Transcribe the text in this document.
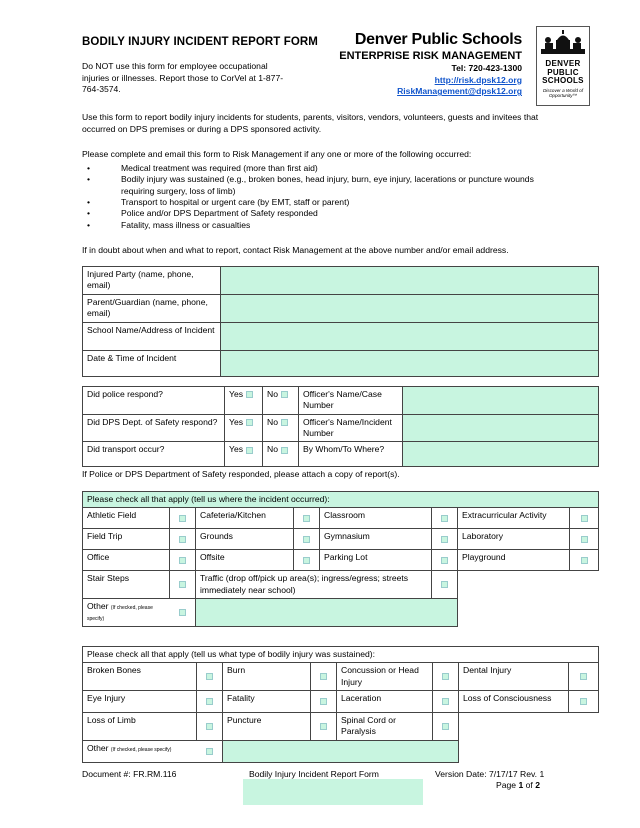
BODILY INJURY INCIDENT REPORT FORM
Do NOT use this form for employee occupational injuries or illnesses. Report those to CorVel at 1-877-764-3574.
Denver Public Schools
ENTERPRISE RISK MANAGEMENT
Tel: 720-423-1300
http://risk.dpsk12.org
RiskManagement@dpsk12.org
DENVER
PUBLIC
SCHOOLS
Discover a World of Opportunity™
Use this form to report bodily injury incidents for students, parents, visitors, vendors, volunteers, guests and invitees that occurred on DPS premises or during a DPS sponsored activity.
Please complete and email this form to Risk Management if any one or more of the following occurred:
• Medical treatment was required (more than first aid)
• Bodily injury was sustained (e.g., broken bones, head injury, burn, eye injury, lacerations or puncture wounds requiring surgery, loss of limb)
• Transport to hospital or urgent care (by EMT, staff or parent)
• Police and/or DPS Department of Safety responded
• Fatality, mass illness or casualties
If in doubt about when and what to report, contact Risk Management at the above number and/or email address.
Injured Party (name, phone, email)	
Parent/Guardian (name, phone, email)	
School Name/Address of Incident	
Date & Time of Incident	
Did police respond?	Yes	No	Officer's Name/Case Number	
Did DPS Dept. of Safety respond?	Yes	No	Officer's Name/Incident Number	
Did transport occur?	Yes	No	By Whom/To Where?	
If Police or DPS Department of Safety responded, please attach a copy of report(s).
Please check all that apply (tell us where the incident occurred):							
Athletic Field		Cafeteria/Kitchen		Classroom		Extracurricular Activity	
Field Trip		Grounds		Gymnasium		Laboratory	
Office		Offsite		Parking Lot		Playground	
Stair Steps		Traffic (drop off/pick up area(s); ingress/egress; streets immediately near school)					
Other (If checked, please specify)							
Please check all that apply (tell us what type of bodily injury was sustained):							
Broken Bones		Burn		Concussion or Head Injury		Dental Injury	
Eye Injury		Fatality		Laceration		Loss of Consciousness	
Loss of Limb		Puncture		Spinal Cord or Paralysis			
Other (If checked, please specify)							
Document #: FR.RM.116	Bodily Injury Incident Report Form	Version Date: 7/17/17 Rev. 1
Page 1 of 2
